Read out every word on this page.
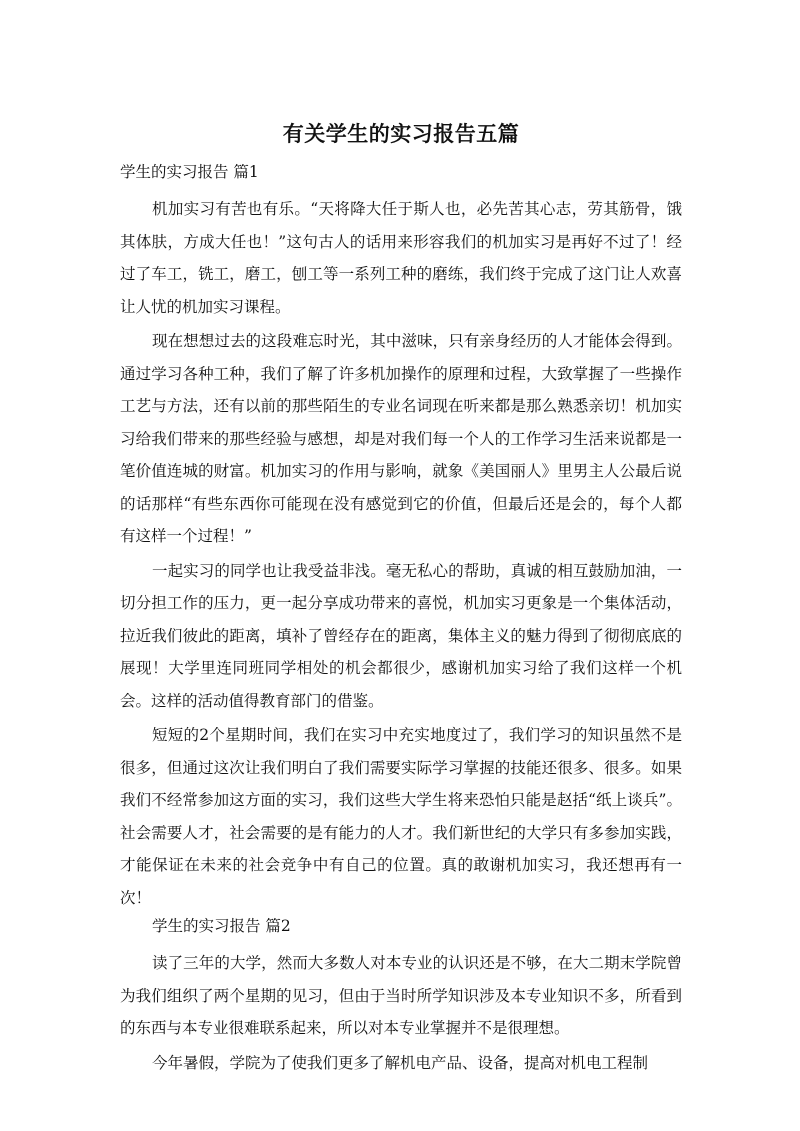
有关学生的实习报告五篇
学生的实习报告 篇1

机加实习有苦也有乐。“天将降大任于斯人也，必先苦其心志，劳其筋骨，饿其体肤，方成大任也！”这句古人的话用来形容我们的机加实习是再好不过了！经过了车工，铣工，磨工，刨工等一系列工种的磨练，我们终于完成了这门让人欢喜让人忧的机加实习课程。

现在想想过去的这段难忘时光，其中滋味，只有亲身经历的人才能体会得到。通过学习各种工种，我们了解了许多机加操作的原理和过程，大致掌握了一些操作工艺与方法，还有以前的那些陌生的专业名词现在听来都是那么熟悉亲切！机加实习给我们带来的那些经验与感想，却是对我们每一个人的工作学习生活来说都是一笔价值连城的财富。机加实习的作用与影响，就象《美国丽人》里男主人公最后说的话那样“有些东西你可能现在没有感觉到它的价值，但最后还是会的，每个人都有这样一个过程！”

一起实习的同学也让我受益非浅。毫无私心的帮助，真诚的相互鼓励加油，一切分担工作的压力，更一起分享成功带来的喜悦，机加实习更象是一个集体活动，拉近我们彼此的距离，填补了曾经存在的距离，集体主义的魅力得到了彻彻底底的展现！大学里连同班同学相处的机会都很少，感谢机加实习给了我们这样一个机会。这样的活动值得教育部门的借鉴。

短短的2个星期时间，我们在实习中充实地度过了，我们学习的知识虽然不是很多，但通过这次让我们明白了我们需要实际学习掌握的技能还很多、很多。如果我们不经常参加这方面的实习，我们这些大学生将来恐怕只能是赵括“纸上谈兵”。社会需要人才，社会需要的是有能力的人才。我们新世纪的大学只有多参加实践，才能保证在未来的社会竞争中有自己的位置。真的敢谢机加实习，我还想再有一次！

学生的实习报告 篇2

读了三年的大学，然而大多数人对本专业的认识还是不够，在大二期末学院曾为我们组织了两个星期的见习，但由于当时所学知识涉及本专业知识不多，所看到的东西与本专业很难联系起来，所以对本专业掌握并不是很理想。

今年暑假，学院为了使我们更多了解机电产品、设备，提高对机电工程制
